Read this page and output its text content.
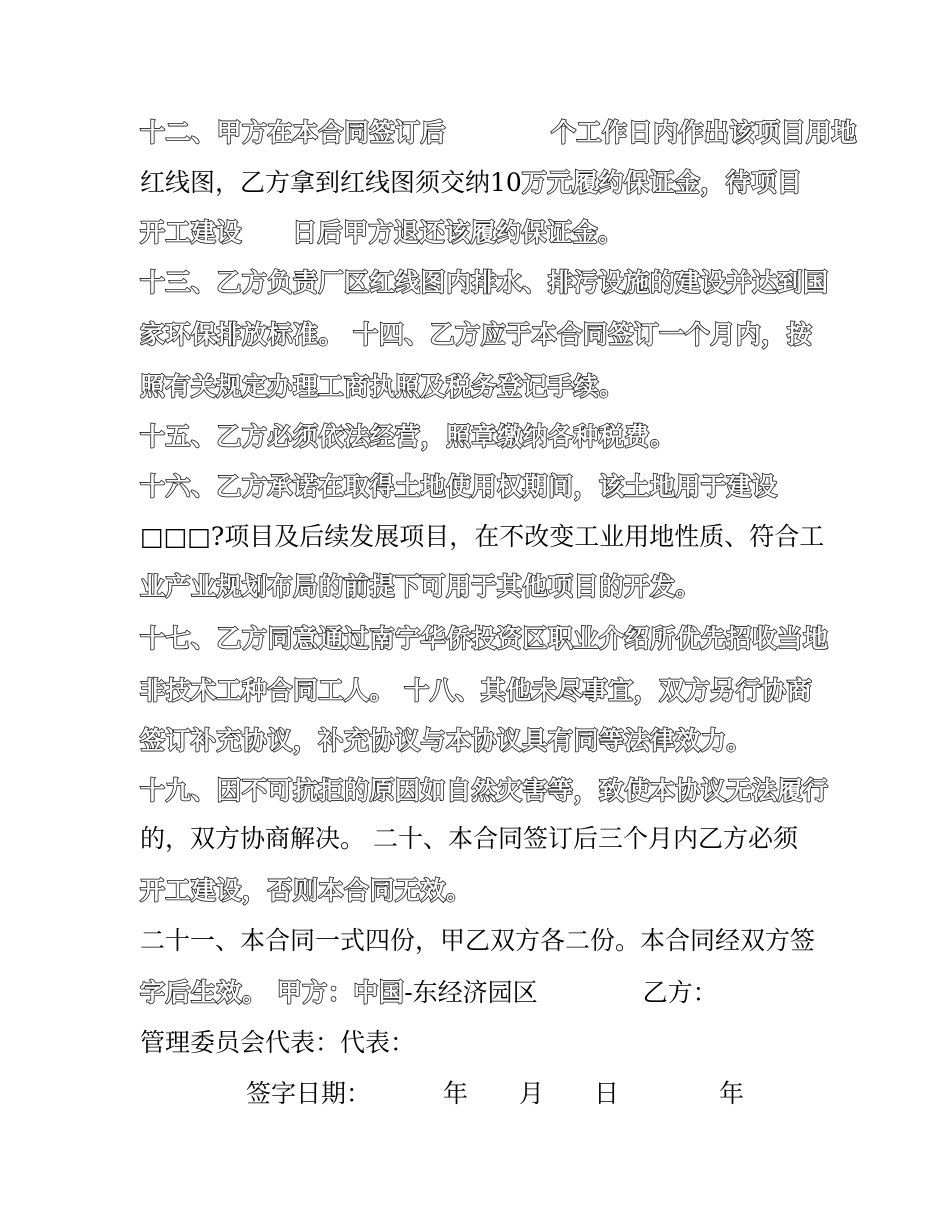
十二、甲方在本合同签订后	个工作日内作出该项目用地
红线图，乙方拿到红线图须交纳10万元履约保证金，待项目
开工建设 日后甲方退还该履约保证金。
十三、乙方负责厂区红线图内排水、排污设施的建设并达到国
家环保排放标准。 十四、乙方应于本合同签订一个月内，按
照有关规定办理工商执照及税务登记手续。
十五、乙方必须依法经营，照章缴纳各种税费。
十六、乙方承诺在取得土地使用权期间，该土地用于建设
□□□?项目及后续发展项目，在不改变工业用地性质、符合工
业产业规划布局的前提下可用于其他项目的开发。
十七、乙方同意通过南宁华侨投资区职业介绍所优先招收当地
非技术工种合同工人。 十八、其他未尽事宜，双方另行协商
签订补充协议，补充协议与本协议具有同等法律效力。
十九、因不可抗拒的原因如自然灾害等，致使本协议无法履行
的，双方协商解决。 二十、本合同签订后三个月内乙方必须
开工建设，否则本合同无效。
二十一、本合同一式四份，甲乙双方各二份。本合同经双方签
字后生效。 甲方：中国-东经济园区	乙方：
管理委员会代表：代表：
签字日期：	年 月 日	年
